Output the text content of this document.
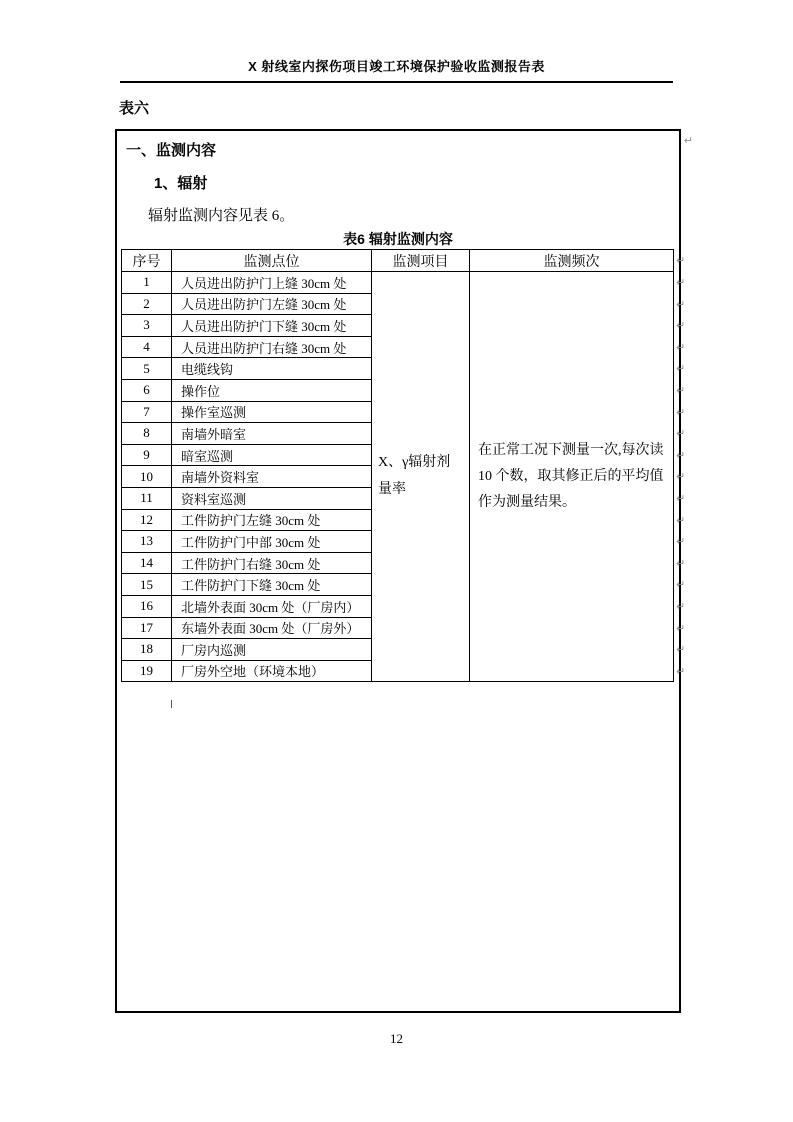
X 射线室内探伤项目竣工环境保护验收监测报告表
表六
↵
一、监测内容
1、辐射
辐射监测内容见表 6。
表6 辐射监测内容
序号	监测点位	监测项目	监测频次
1	人员进出防护门上缝 30cm 处	X、γ辐射剂量率	在正常工况下测量一次,每次读10 个数，取其修正后的平均值作为测量结果。
2	人员进出防护门左缝 30cm 处		
3	人员进出防护门下缝 30cm 处		
4	人员进出防护门右缝 30cm 处		
5	电缆线钩		
6	操作位		
7	操作室巡测		
8	南墙外暗室		
9	暗室巡测		
10	南墙外资料室		
11	资料室巡测		
12	工件防护门左缝 30cm 处		
13	工件防护门中部 30cm 处		
14	工件防护门右缝 30cm 处		
15	工件防护门下缝 30cm 处		
16	北墙外表面 30cm 处（厂房内）		
17	东墙外表面 30cm 处（厂房外）		
18	厂房内巡测		
19	厂房外空地（环境本地）		
↵
↵
↵
↵
↵
↵
↵
↵
↵
↵
↵
↵
↵
↵
↵
↵
↵
↵
↵
↵
12
